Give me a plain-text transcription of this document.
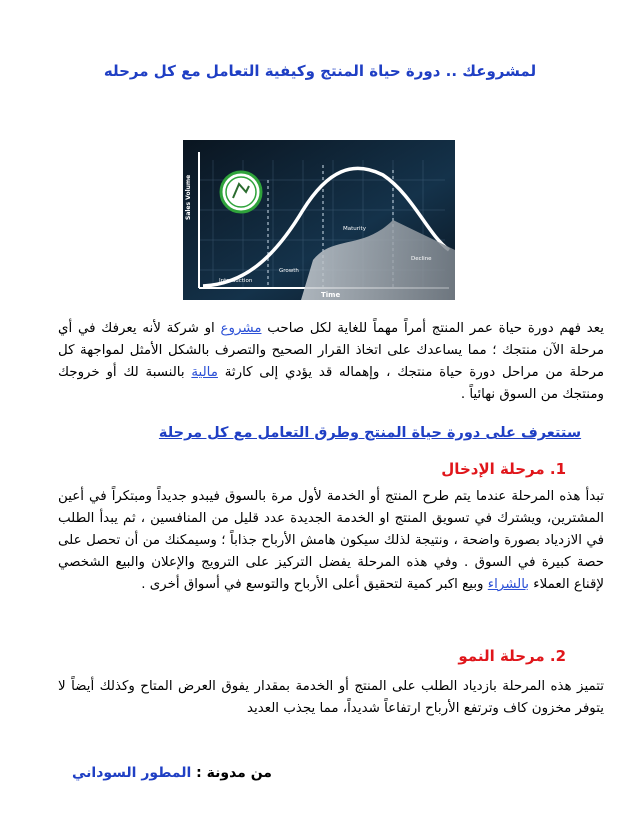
لمشروعك .. دورة حياة المنتج وكيفية التعامل مع كل مرحله
Sales Volume
Time
Introduction
Growth
Maturity
Decline
يعد فهم دورة حياة عمر المنتج أمراً مهماً للغاية لكل صاحب مشروع او شركة لأنه يعرفك في أي مرحلة الآن منتجك ؛ مما يساعدك على اتخاذ القرار الصحيح والتصرف بالشكل الأمثل لمواجهة كل مرحلة من مراحل دورة حياة منتجك ، وإهماله قد يؤدي إلى كارثة مالية بالنسبة لك أو خروجك ومنتجك من السوق نهائياً .
ستتعرف على دورة حياة المنتج وطرق التعامل مع كل مرحلة
1. مرحلة الإدخال
تبدأ هذه المرحلة عندما يتم طرح المنتج أو الخدمة لأول مرة بالسوق فيبدو جديداً ومبتكراً في أعين المشترين، ويشترك في تسويق المنتج او الخدمة الجديدة عدد قليل من المنافسين ، ثم يبدأ الطلب في الازدياد بصورة واضحة ، ونتيجة لذلك سيكون هامش الأرباح جذاباً ؛ وسيمكنك من أن تحصل على حصة كبيرة في السوق . وفي هذه المرحلة يفضل التركيز على الترويج والإعلان والبيع الشخصي لإقناع العملاء بالشراء وبيع اكبر كمية لتحقيق أعلى الأرباح والتوسع في أسواق أخرى .
2. مرحلة النمو
تتميز هذه المرحلة بازدياد الطلب على المنتج أو الخدمة بمقدار يفوق العرض المتاح وكذلك أيضاً لا يتوفر مخزون كاف وترتفع الأرباح ارتفاعاً شديداً، مما يجذب العديد
من مدونة : المطور السوداني
